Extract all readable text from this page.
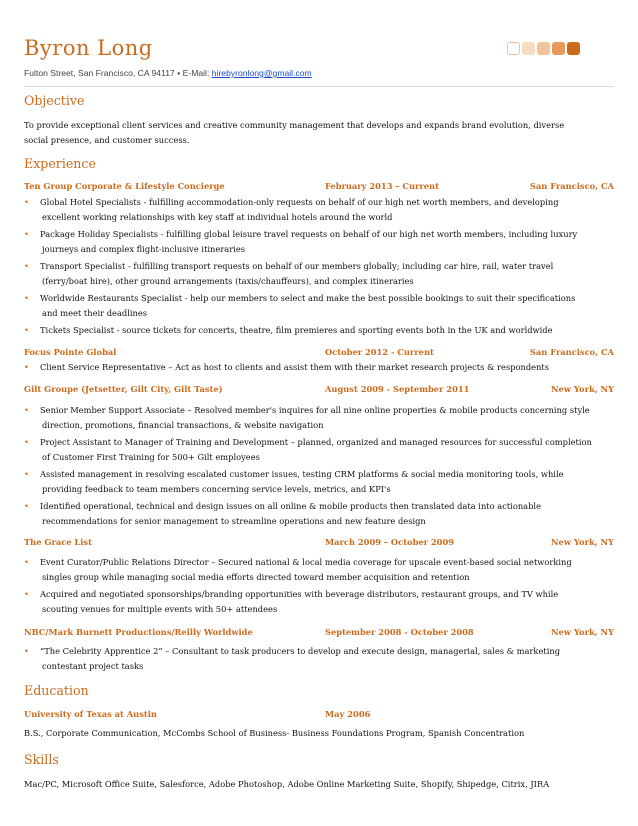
Byron Long
Fulton Street, San Francisco, CA 94117 ▪ E-Mail: hirebyronlong@gmail.com
Objective
To provide exceptional client services and creative community management that develops and expands brand evolution, diverse
social presence, and customer success.
Experience
Ten Group Corporate & Lifestyle Concierge	February 2013 – Current	San Francisco, CA
• Global Hotel Specialists - fulfilling accommodation-only requests on behalf of our high net worth members, and developing
excellent working relationships with key staff at individual hotels around the world
• Package Holiday Specialists - fulfilling global leisure travel requests on behalf of our high net worth members, including luxury
journeys and complex flight-inclusive itineraries
• Transport Specialist - fulfilling transport requests on behalf of our members globally; including car hire, rail, water travel
(ferry/boat hire), other ground arrangements (taxis/chauffeurs), and complex itineraries
• Worldwide Restaurants Specialist - help our members to select and make the best possible bookings to suit their specifications
and meet their deadlines
• Tickets Specialist - source tickets for concerts, theatre, film premieres and sporting events both in the UK and worldwide
Focus Pointe Global	October 2012 - Current	San Francisco, CA
• Client Service Representative – Act as host to clients and assist them with their market research projects & respondents
Gilt Groupe (Jetsetter, Gilt City, Gilt Taste)	August 2009 - September 2011	New York, NY
• Senior Member Support Associate – Resolved member's inquires for all nine online properties & mobile products concerning style
direction, promotions, financial transactions, & website navigation
• Project Assistant to Manager of Training and Development – planned, organized and managed resources for successful completion
of Customer First Training for 500+ Gilt employees
• Assisted management in resolving escalated customer issues, testing CRM platforms & social media monitoring tools, while
providing feedback to team members concerning service levels, metrics, and KPI's
• Identified operational, technical and design issues on all online & mobile products then translated data into actionable
recommendations for senior management to streamline operations and new feature design
The Grace List	March 2009 – October 2009	New York, NY
• Event Curator/Public Relations Director – Secured national & local media coverage for upscale event-based social networking
singles group while managing social media efforts directed toward member acquisition and retention
• Acquired and negotiated sponsorships/branding opportunities with beverage distributors, restaurant groups, and TV while
scouting venues for multiple events with 50+ attendees
NBC/Mark Burnett Productions/Reilly Worldwide	September 2008 - October 2008	New York, NY
• “The Celebrity Apprentice 2” – Consultant to task producers to develop and execute design, managerial, sales & marketing
contestant project tasks
Education
University of Texas at Austin	May 2006
B.S., Corporate Communication, McCombs School of Business- Business Foundations Program, Spanish Concentration
Skills
Mac/PC, Microsoft Office Suite, Salesforce, Adobe Photoshop, Adobe Online Marketing Suite, Shopify, Shipedge, Citrix, JIRA
